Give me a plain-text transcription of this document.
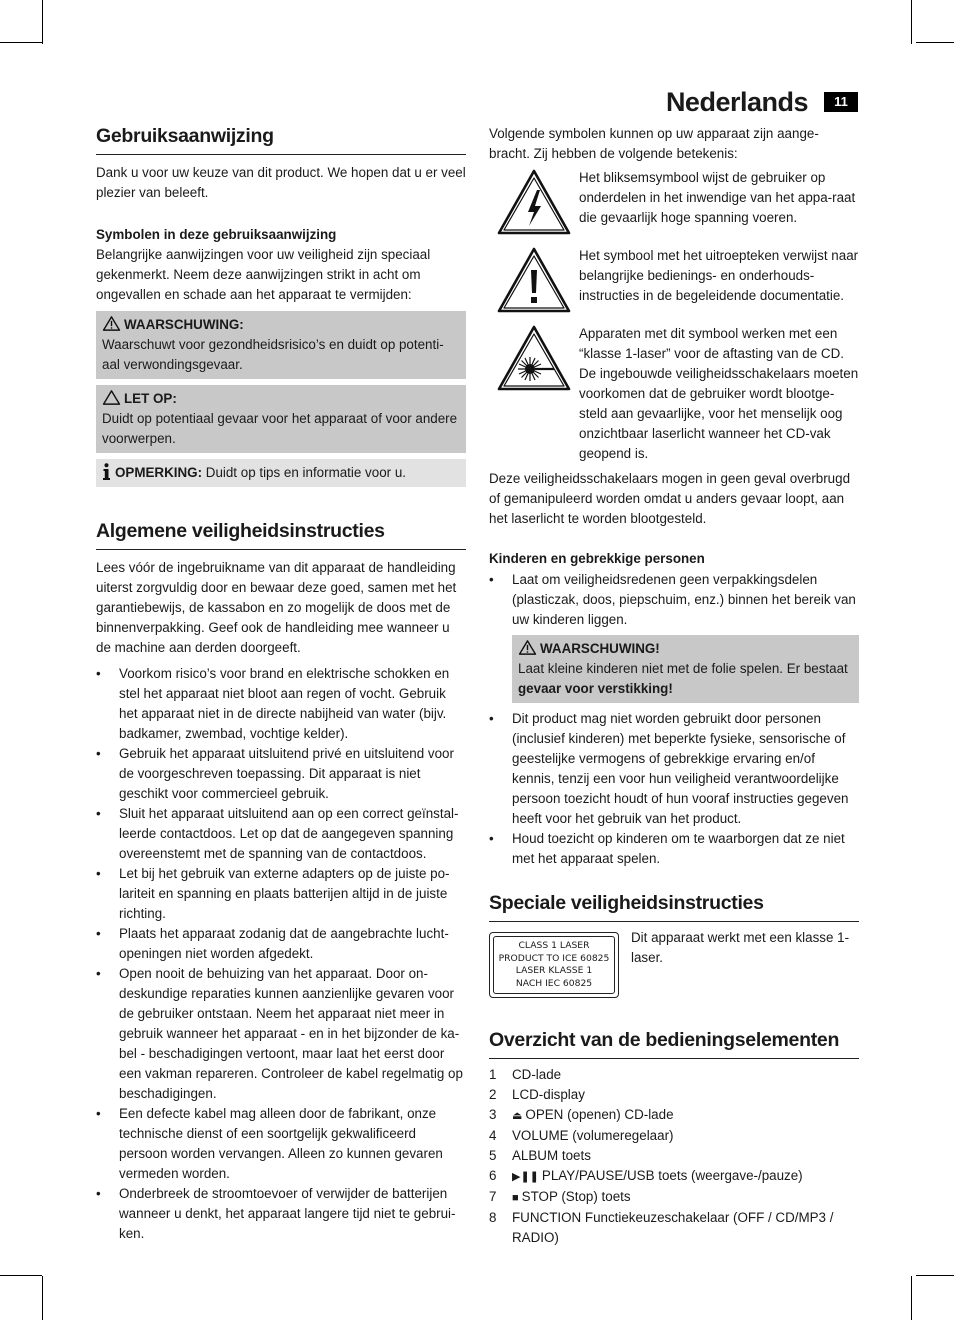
Nederlands	11
Gebruiksaanwijzing

Dank u voor uw keuze van dit product. We hopen dat u er veel plezier van beleeft.

Symbolen in deze gebruiksaanwijzing

Belangrijke aanwijzingen voor uw veiligheid zijn speciaal gekenmerkt. Neem deze aanwijzingen strikt in acht om ongevallen en schade aan het apparaat te vermijden:

WAARSCHUWING:
Waarschuwt voor gezondheidsrisico’s en duidt op potenti-aal verwondingsgevaar.
LET OP:
Duidt op potentiaal gevaar voor het apparaat of voor andere voorwerpen.
OPMERKING: Duidt op tips en informatie voor u.
Algemene veiligheidsinstructies

Lees vóór de ingebruikname van dit apparaat de handleiding uiterst zorgvuldig door en bewaar deze goed, samen met het garantiebewijs, de kassabon en zo mogelijk de doos met de binnenverpakking. Geef ook de handleiding mee wanneer u de machine aan derden doorgeeft.

• Voorkom risico’s voor brand en elektrische schokken en stel het apparaat niet bloot aan regen of vocht. Gebruik het apparaat niet in de directe nabijheid van water (bijv. badkamer, zwembad, vochtige kelder).
• Gebruik het apparaat uitsluitend privé en uitsluitend voor de voorgeschreven toepassing. Dit apparaat is niet geschikt voor commercieel gebruik.
• Sluit het apparaat uitsluitend aan op een correct geïnstal-leerde contactdoos. Let op dat de aangegeven spanning overeenstemt met de spanning van de contactdoos.
• Let bij het gebruik van externe adapters op de juiste po-lariteit en spanning en plaats batterijen altijd in de juiste richting.
• Plaats het apparaat zodanig dat de aangebrachte lucht-openingen niet worden afgedekt.
• Open nooit de behuizing van het apparaat. Door on-deskundige reparaties kunnen aanzienlijke gevaren voor de gebruiker ontstaan. Neem het apparaat niet meer in gebruik wanneer het apparaat - en in het bijzonder de ka-bel - beschadigingen vertoont, maar laat het eerst door een vakman repareren. Controleer de kabel regelmatig op beschadigingen.
• Een defecte kabel mag alleen door de fabrikant, onze technische dienst of een soortgelijk gekwalificeerd persoon worden vervangen. Alleen zo kunnen gevaren vermeden worden.
• Onderbreek de stroomtoevoer of verwijder de batterijen wanneer u denkt, het apparaat langere tijd niet te gebrui-ken.

Volgende symbolen kunnen op uw apparaat zijn aange-bracht. Zij hebben de volgende betekenis:

Het bliksemsymbool wijst de gebruiker op onderdelen in het inwendige van het appa-raat die gevaarlijk hoge spanning voeren.
Het symbool met het uitroepteken verwijst naar belangrijke bedienings- en onderhouds-instructies in de begeleidende documentatie.
Apparaten met dit symbool werken met een “klasse 1-laser” voor de aftasting van de CD. De ingebouwde veiligheidsschakelaars moeten voorkomen dat de gebruiker wordt blootge-steld aan gevaarlijke, voor het menselijk oog onzichtbaar laserlicht wanneer het CD-vak geopend is.

Deze veiligheidsschakelaars mogen in geen geval overbrugd of gemanipuleerd worden omdat u anders gevaar loopt, aan het laserlicht te worden blootgesteld.

Kinderen en gebrekkige personen

• Laat om veiligheidsredenen geen verpakkingsdelen (plasticzak, doos, piepschuim, enz.) binnen het bereik van uw kinderen liggen.
WAARSCHUWING!
Laat kleine kinderen niet met de folie spelen. Er bestaat gevaar voor verstikking!
• Dit product mag niet worden gebruikt door personen (inclusief kinderen) met beperkte fysieke, sensorische of geestelijke vermogens of gebrekkige ervaring en/of kennis, tenzij een voor hun veiligheid verantwoordelijke persoon toezicht houdt of hun vooraf instructies gegeven heeft voor het gebruik van het product.
• Houd toezicht op kinderen om te waarborgen dat ze niet met het apparaat spelen.
Speciale veiligheidsinstructies
CLASS 1 LASER
PRODUCT TO ICE 60825
LASER KLASSE 1
NACH IEC 60825
Dit apparaat werkt met een klasse 1-laser.
Overzicht van de bedieningselementen
1	CD-lade
2	LCD-display
3	⏏ OPEN (openen) CD-lade
4	VOLUME (volumeregelaar)
5	ALBUM toets
6	▶❚❚ PLAY/PAUSE/USB toets (weergave-/pauze)
7	■ STOP (Stop) toets
8	FUNCTION Functiekeuzeschakelaar (OFF / CD/MP3 / RADIO)
